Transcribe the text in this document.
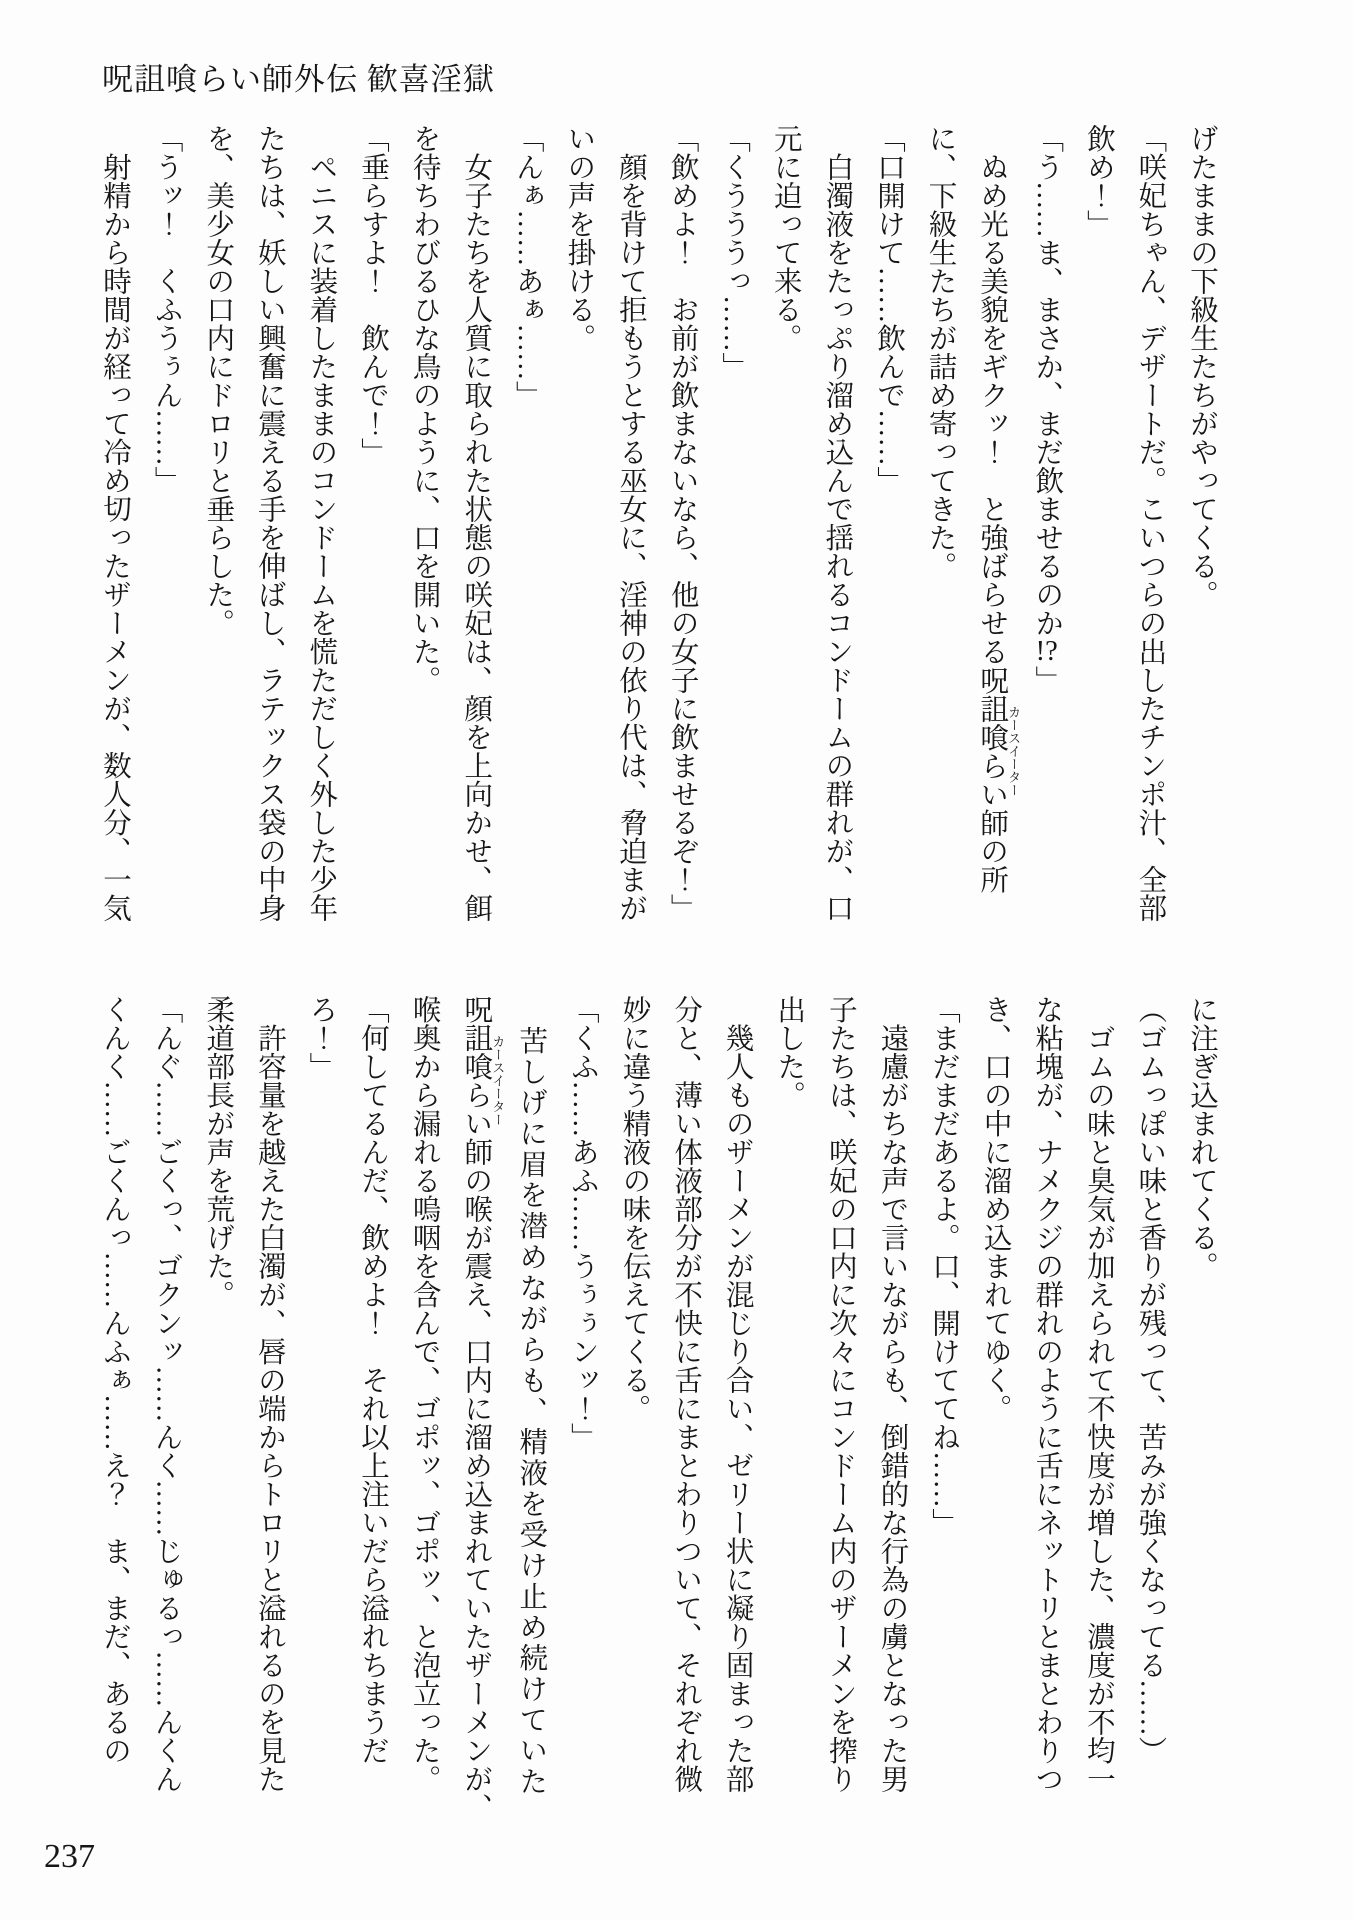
呪詛喰らい師外伝 歓喜淫獄
げたままの下級生たちがやってくる。
「咲妃ちゃん、デザートだ。こいつらの出したチンポ汁、全部
飲め！」
「う……ま、まさか、まだ飲ませるのか!?」
　ぬめ光る美貌をギクッ！　と強ばらせる呪詛喰らい師 カースイーターの所
に、下級生たちが詰め寄ってきた。
「口開けて……飲んで……」
　白濁液をたっぷり溜め込んで揺れるコンドームの群れが、口
元に迫って来る。
「くうううっ……」
「飲めよ！　お前が飲まないなら、他の女子に飲ませるぞ！」
　顔を背けて拒もうとする巫女に、淫神の依り代は、脅迫まが
いの声を掛ける。
「んぁ……あぁ……」
　女子たちを人質に取られた状態の咲妃は、顔を上向かせ、餌
を待ちわびるひな鳥のように、口を開いた。
「垂らすよ！　飲んで！」
　ペニスに装着したままのコンドームを慌ただしく外した少年
たちは、妖しい興奮に震える手を伸ばし、ラテックス袋の中身
を、美少女の口内にドロリと垂らした。
「うッ！　くふうぅん……」
　射精から時間が経って冷め切ったザーメンが、数人分、一気
に注ぎ込まれてくる。
（ゴムっぽい味と香りが残って、苦みが強くなってる……）
　ゴムの味と臭気が加えられて不快度が増した、濃度が不均一
な粘塊が、ナメクジの群れのように舌にネットリとまとわりつ
き、口の中に溜め込まれてゆく。
「まだまだあるよ。口、開けててね……」
　遠慮がちな声で言いながらも、倒錯的な行為の虜となった男
子たちは、咲妃の口内に次々にコンドーム内のザーメンを搾り
出した。
　幾人ものザーメンが混じり合い、ゼリー状に凝り固まった部
分と、薄い体液部分が不快に舌にまとわりついて、それぞれ微
妙に違う精液の味を伝えてくる。
「くふ……あふ……うぅぅンッ！」
　苦しげに眉を潜めながらも、精液を受け止め続けていた
呪詛喰らい師 カースイーターの喉が震え、口内に溜め込まれていたザーメンが、
喉奥から漏れる嗚咽を含んで、ゴポッ、ゴポッ、と泡立った。
「何してるんだ、飲めよ！　それ以上注いだら溢れちまうだ
ろ！」
　許容量を越えた白濁が、唇の端からトロリと溢れるのを見た
柔道部長が声を荒げた。
「んぐ……ごくっ、ゴクンッ……んく……じゅるっ……んくん
くんく……ごくんっ……んふぁ……え？　ま、まだ、あるの
237
